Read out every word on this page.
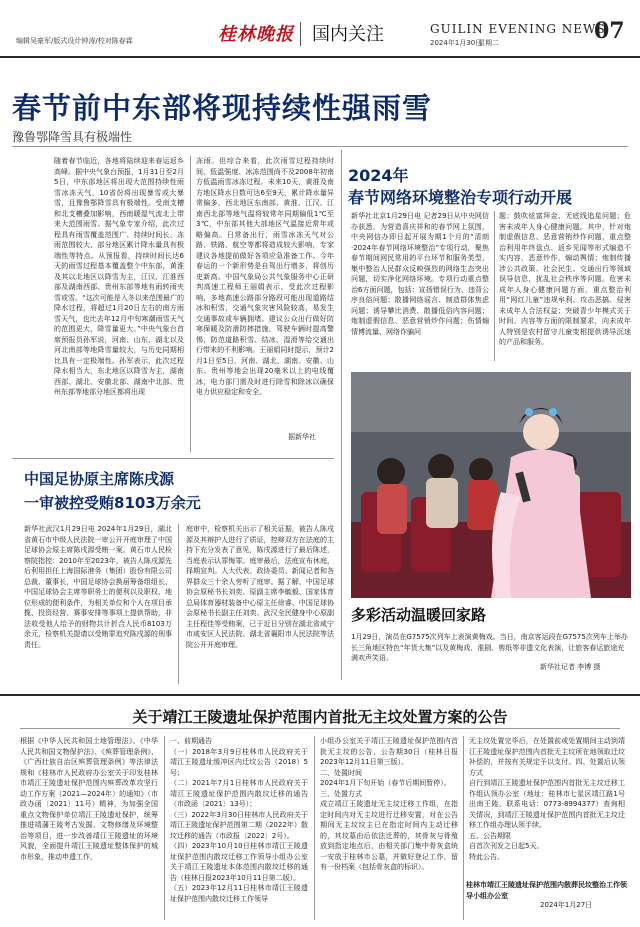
编辑吴豪军/版式设计钟涛/校对陈春霖	桂林晚报 国内关注	GUILIN EVENING NEWS
2024年1月30日
星期二	07
春节前中东部将现持续性强雨雪
豫鲁鄂降雪具有极端性
随着春节临近，各地将陆续迎来春运返乡高峰。据中央气象台预报，1月31日至2月5日，中东部地区将出现大范围持续性雨雪冰冻天气，10省份将出现暴雪或大暴雪，且豫鲁鄂降雪具有极端性。受南支槽和北支槽叠加影响，西南暖湿气流北上带来大范围雨雪。据气象专家介绍，此次过程具有雨雪覆盖范围广、持续时间长、冻雨范围较大、部分地区累计降水量具有极端性等特点。从预报看，持续时间长达6天的雨雪过程基本覆盖整个中东部，黄淮及其以北地区以降雪为主，江汉、江淮西部及湖南西部、贵州东部等地有雨转雨夹雪或雪。“这次可能是入冬以来范围最广的降水过程，将超过1月20日左右的南方雨雪天气，也比去年12月中旬寒潮雨雪天气的范围更大，降雪量更大。”中央气象台首席预报员孙军说，河南、山东、湖北以及河北南部等地降雪量较大，与历史同期相比具有一定极端性。孙军表示，此次过程降水相当大，东北地区以降雪为主，湖南西部、湖北、安徽北部、湖南中北部、贵州东部等地部分地区都将出现
冻雨。但综合来看，此次雨雪过程持续时间、低温强度、冰冻范围尚不及2008年初南方低温雨雪冰冻过程。未来10天，黄淮及南方地区降水日数可达6至9天，累计降水量异常偏多，西北地区东南部、黄淮、江汉、江南西北部等地气温将较常年同期偏低1℃至3℃，中东部其他大部地区气温接近常年或略偏高。日常备出行，雨雪冰冻天气对公路、铁路、航空等都将造成较大影响，专家建议各地提前做好各项应急准备工作。今年春运的一个新形势是自驾出行增多，将创历史新高。中国气象局公共气象服务中心正研判高速工程师王丽娟表示，受此次过程影响，多地高速公路部分路段可能出现道路结冰和积雪，交通气象灾害风险较高，易发生交通事故或车辆拥堵。建议公众出行做好防寒保暖及防滑防摔措施，驾驶车辆时提高警惕，防范道路积雪、结冰、湿滑等给交通出行带来的不利影响。王丽娟同时提示，预计2月1日至5日，河南、湖北、湖南、安徽、山东、贵州等地会出现20毫米以上的电线覆冰，电力部门需及时进行除雪和除冰以确保电力供应稳定和安全。
据新华社
2024年
春节网络环境整治专项行动开展
新华社北京1月29日电 记者29日从中央网信办获悉，为营造喜庆祥和的春节网上氛围，中央网信办即日起开展为期1个月的“清朗·2024年春节网络环境整治”专项行动，聚焦春节期间网民常用的平台环节和服务类型，集中整治人民群众反映强烈的网络生态突出问题，切实净化网络环境。专项行动重点整治6方面问题，包括：宣扬错误行为、违背公序良俗问题；散播网络谣言、制造群体焦虑问题；诱导攀比消费、散播低俗内容问题；炮制虚假信息、恶意营销炒作问题；伤情煽情博流量、网络诈骗问
题；鼓吹炫富拜金、无底线追星问题；危害未成年人身心健康问题。其中，针对炮制虚假信息、恶意营销炒作问题，重点整治利用年终盘点、返乡见闻等形式编造不实内容，恶意炒作，煽动舆情；炮制传播涉公共政策、社会民生、交通出行等领域误导信息，扰乱社会秩序等问题。危害未成年人身心健康问题方面，重点整治利用“网红儿童”违规牟利、攻击恶搞、侵害未成年人合法权益；突破青少年模式关于时间、内容等方面的限制要求，向未成年人特别是农村留守儿童变相提供诱导沉迷的产品和服务。
中国足协原主席陈戌源
一审被控受贿8103万余元
新华社武汉1月29日电 2024年1月29日，湖北省黄石市中级人民法院一审公开开庭审理了中国足球协会原主席陈戌源受贿一案。黄石市人民检察院指控：2010年至2023年，被告人陈戌源先后利用担任上海国际港务（集团）股份有限公司总裁、董事长，中国足球协会换届筹备组组长、中国足球协会主席等职务上的便利以及职权、地位形成的便利条件，为相关单位和个人在项目承揽、投资经营、赛事安排等事项上提供帮助，非法收受他人给予的财物共计折合人民币8103万余元，检察机关提请以受贿罪追究陈戌源的刑事责任。
庭审中，检察机关出示了相关证据，被告人陈戌源及其辩护人进行了质证，控辩双方在法庭的主持下充分发表了意见，陈戌源进行了最后陈述，当庭表示认罪悔罪。庭审最后，法庭宣布休庭，择期宣判。人大代表、政协委员、新闻记者和各界群众三十余人旁听了庭审。据了解，中国足球协会原秘书长刘奕、原副主席李毓毅、国家体育总局体育器材装备中心原主任徐睿、中国足球协会原秘书长副主任刘奕、武汉全民健身中心原副主任程佳等受贿案，已于近日分别在湖北省咸宁市咸安区人民法院、湖北省襄阳市人民法院等法院公开开庭审理。
多彩活动温暖回家路
1月29日，演员在G7575次列车上表演黄梅戏。当日，南京客运段在G7575次列车上举办长三角地区特色“年货大集”以及黄梅戏、淮剧、剪纸等非遗文化表演，让旅客春运旅途充满欢声笑语。
新华社记者 李博 摄
关于靖江王陵遗址保护范围内首批无主坟处置方案的公告
根据《中华人民共和国土地管理法》、《中华人民共和国文物保护法》、《殡葬管理条例》、《广西壮族自治区殡葬管理条例》等法律法规和《桂林市人民政府办公室关于印发桂林市靖江王陵遗址保护范围内殡葬改革攻坚行动工作方案（2021—2024年）的通知》（市政办函〔2021〕11号）精神，为加强全国重点文物保护单位靖江王陵遗址保护，统筹推进靖藩王陵考古发掘、文物修缮及环境整治等项目，进一步改善靖江王陵遗址的环境风貌，全面提升靖江王陵遗址整体保护的城市形象，推动申遗工作，
一、前期通告
（一）2018年3月9日桂林市人民政府关于靖江王陵遗址缓冲区内迁坟公告（2018）5号；
（二）2021年7月1日桂林市人民政府关于靖江王陵遗址保护范围内散坟迁移的通告（市政函〔2021〕13号）；
（三）2022年3月30日桂林市人民政府关于靖江王陵遗址保护范围第二期（2022年）散坟迁移的通告（市政报〔2022〕2号）。
（四）2023年10月10日桂林市靖江王陵遗址保护范围内散坟迁移工作领导小组办公室关于靖江王陵遗址本体范围内散坟迁移的通告（桂林日报2023年10月11日第二版）。
（五）2023年12月11日桂林市靖江王陵遗址保护范围内散坟迁移工作领导
小组办公室关于靖江王陵遗址保护范围内首批无主坟的公告，公告期30日（桂林日报2023年12月11日第三版）。
二、处置时间
2024年1月下旬开始（春节后期间暂停）。
三、处置方式
成立靖江王陵遗址无主坟迁移工作组，在指定时间内对无主坟进行迁移安置，对在公告期间无主坟坟主已在指定时间内主动迁移的，其坟墓由后依法迁葬的，其骨灰与骨殖放到指定地点后，由相关部门集中骨灰盒统一安放于桂林市公墓，并做好登记工作，留有一份档案（包括骨灰盒的标识）。
无主坟处置完毕后，在处置前或处置期间主动到靖江王陵遗址保护范围内首批无主坟所在地领取迁坟补偿的，并按有关规定予以支付。四、处置后认领方式
自行到靖江王陵遗址保护范围内首批无主坟迁移工作组认领办公室（地址：桂林市七星区靖江路1号出南王陵，联系电话：0773-8994377）查询相关情况，到靖江王陵遗址保护范围内首批无主坟迁移工作组办理认领手续。
五、公告期限
自首次刊发之日起5天。
特此公告。
桂林市靖江王陵遗址保护范围内散葬民坟整治工作领导小组办公室
2024年1月27日
